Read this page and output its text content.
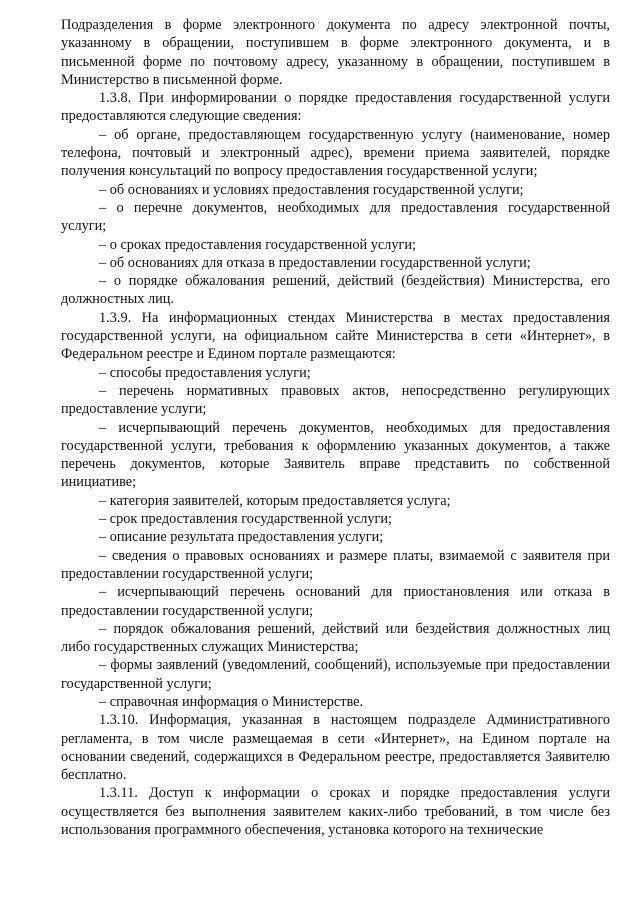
Подразделения в форме электронного документа по адресу электронной почты, указанному в обращении, поступившем в форме электронного документа, и в письменной форме по почтовому адресу, указанному в обращении, поступившем в Министерство в письменной форме.

1.3.8. При информировании о порядке предоставления государственной услуги предоставляются следующие сведения:

– об органе, предоставляющем государственную услугу (наименование, номер телефона, почтовый и электронный адрес), времени приема заявителей, порядке получения консультаций по вопросу предоставления государственной услуги;

– об основаниях и условиях предоставления государственной услуги;

– о перечне документов, необходимых для предоставления государственной услуги;

– о сроках предоставления государственной услуги;

– об основаниях для отказа в предоставлении государственной услуги;

– о порядке обжалования решений, действий (бездействия) Министерства, его должностных лиц.

1.3.9. На информационных стендах Министерства в местах предоставления государственной услуги, на официальном сайте Министерства в сети «Интернет», в Федеральном реестре и Едином портале размещаются:

– способы предоставления услуги;

– перечень нормативных правовых актов, непосредственно регулирующих предоставление услуги;

– исчерпывающий перечень документов, необходимых для предоставления государственной услуги, требования к оформлению указанных документов, а также перечень документов, которые Заявитель вправе представить по собственной инициативе;

– категория заявителей, которым предоставляется услуга;

– срок предоставления государственной услуги;

– описание результата предоставления услуги;

– сведения о правовых основаниях и размере платы, взимаемой с заявителя при предоставлении государственной услуги;

– исчерпывающий перечень оснований для приостановления или отказа в предоставлении государственной услуги;

– порядок обжалования решений, действий или бездействия должностных лиц либо государственных служащих Министерства;

– формы заявлений (уведомлений, сообщений), используемые при предоставлении государственной услуги;

– справочная информация о Министерстве.

1.3.10. Информация, указанная в настоящем подразделе Административного регламента, в том числе размещаемая в сети «Интернет», на Едином портале на основании сведений, содержащихся в Федеральном реестре, предоставляется Заявителю бесплатно.

1.3.11. Доступ к информации о сроках и порядке предоставления услуги осуществляется без выполнения заявителем каких-либо требований, в том числе без использования программного обеспечения, установка которого на технические
